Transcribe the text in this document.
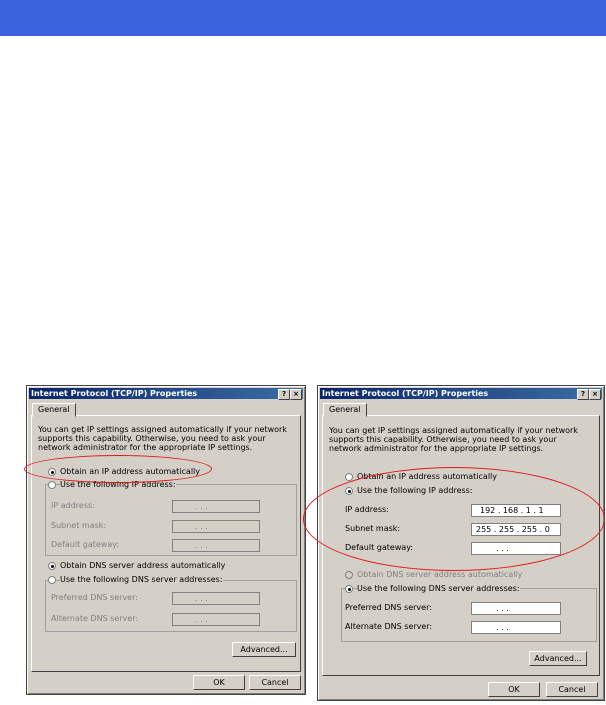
Internet Protocol (TCP/IP) Properties	?	×
General
You can get IP settings assigned automatically if your network supports this capability. Otherwise, you need to ask your network administrator for the appropriate IP settings.
Obtain an IP address automatically
Use the following IP address:
IP address:	. . .
Subnet mask:	. . .
Default gateway:	. . .
Obtain DNS server address automatically
Use the following DNS server addresses:
Preferred DNS server:	. . .
Alternate DNS server:	. . .
Advanced...
OK	Cancel
Internet Protocol (TCP/IP) Properties	?	×
General
You can get IP settings assigned automatically if your network supports this capability. Otherwise, you need to ask your network administrator for the appropriate IP settings.
Obtain an IP address automatically
Use the following IP address:
IP address:	192 . 168 . 1 . 1
Subnet mask:	255 . 255 . 255 . 0
Default gateway:	. . .
Obtain DNS server address automatically
Use the following DNS server addresses:
Preferred DNS server:	. . .
Alternate DNS server:	. . .
Advanced...
OK	Cancel
